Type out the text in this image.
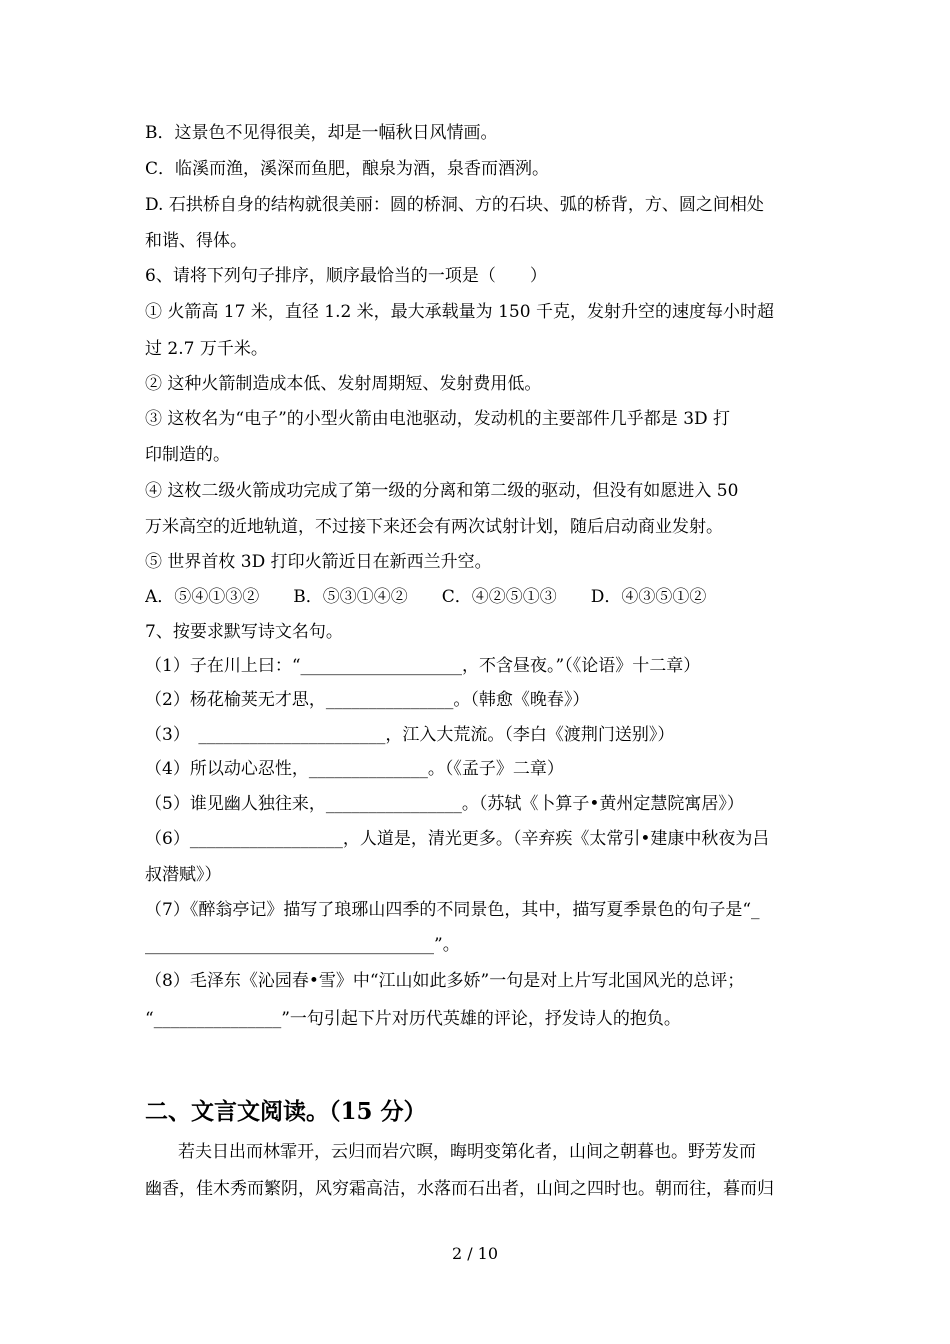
B．这景色不见得很美，却是一幅秋日风情画。
C．临溪而渔，溪深而鱼肥，酿泉为酒，泉香而酒洌。
D. 石拱桥自身的结构就很美丽：圆的桥洞、方的石块、弧的桥背，方、圆之间相处
和谐、得体。
6、请将下列句子排序，顺序最恰当的一项是（　　）
① 火箭高 17 米，直径 1.2 米，最大承载量为 150 千克，发射升空的速度每小时超
过 2.7 万千米。
② 这种火箭制造成本低、发射周期短、发射费用低。
③ 这枚名为“电子”的小型火箭由电池驱动，发动机的主要部件几乎都是 3D 打
印制造的。
④ 这枚二级火箭成功完成了第一级的分离和第二级的驱动，但没有如愿进入 50
万米高空的近地轨道，不过接下来还会有两次试射计划，随后启动商业发射。
⑤ 世界首枚 3D 打印火箭近日在新西兰升空。
A．⑤④①③②　　B．⑤③①④②　　C．④②⑤①③　　D．④③⑤①②
7、按要求默写诗文名句。
（1）子在川上曰：“___________________，不含昼夜。”（《论语》十二章）
（2）杨花榆荚无才思，_______________。（韩愈《晚春》）
（3）　______________________，江入大荒流。（李白《渡荆门送别》）
（4）所以动心忍性，______________。（《孟子》二章）
（5）谁见幽人独往来，________________。（苏轼《卜算子•黄州定慧院寓居》）
（6）__________________，人道是，清光更多。（辛弃疾《太常引•建康中秋夜为吕
叔潜赋》）
（7）《醉翁亭记》描写了琅琊山四季的不同景色，其中，描写夏季景色的句子是“_
__________________________________”。
（8）毛泽东《沁园春•雪》中“江山如此多娇”一句是对上片写北国风光的总评；
“_______________”一句引起下片对历代英雄的评论，抒发诗人的抱负。
二、文言文阅读。（15 分）
若夫日出而林霏开，云归而岩穴暝，晦明变第化者，山间之朝暮也。野芳发而
幽香，佳木秀而繁阴，风穷霜高洁，水落而石出者，山间之四时也。朝而往，暮而归
2 / 10
